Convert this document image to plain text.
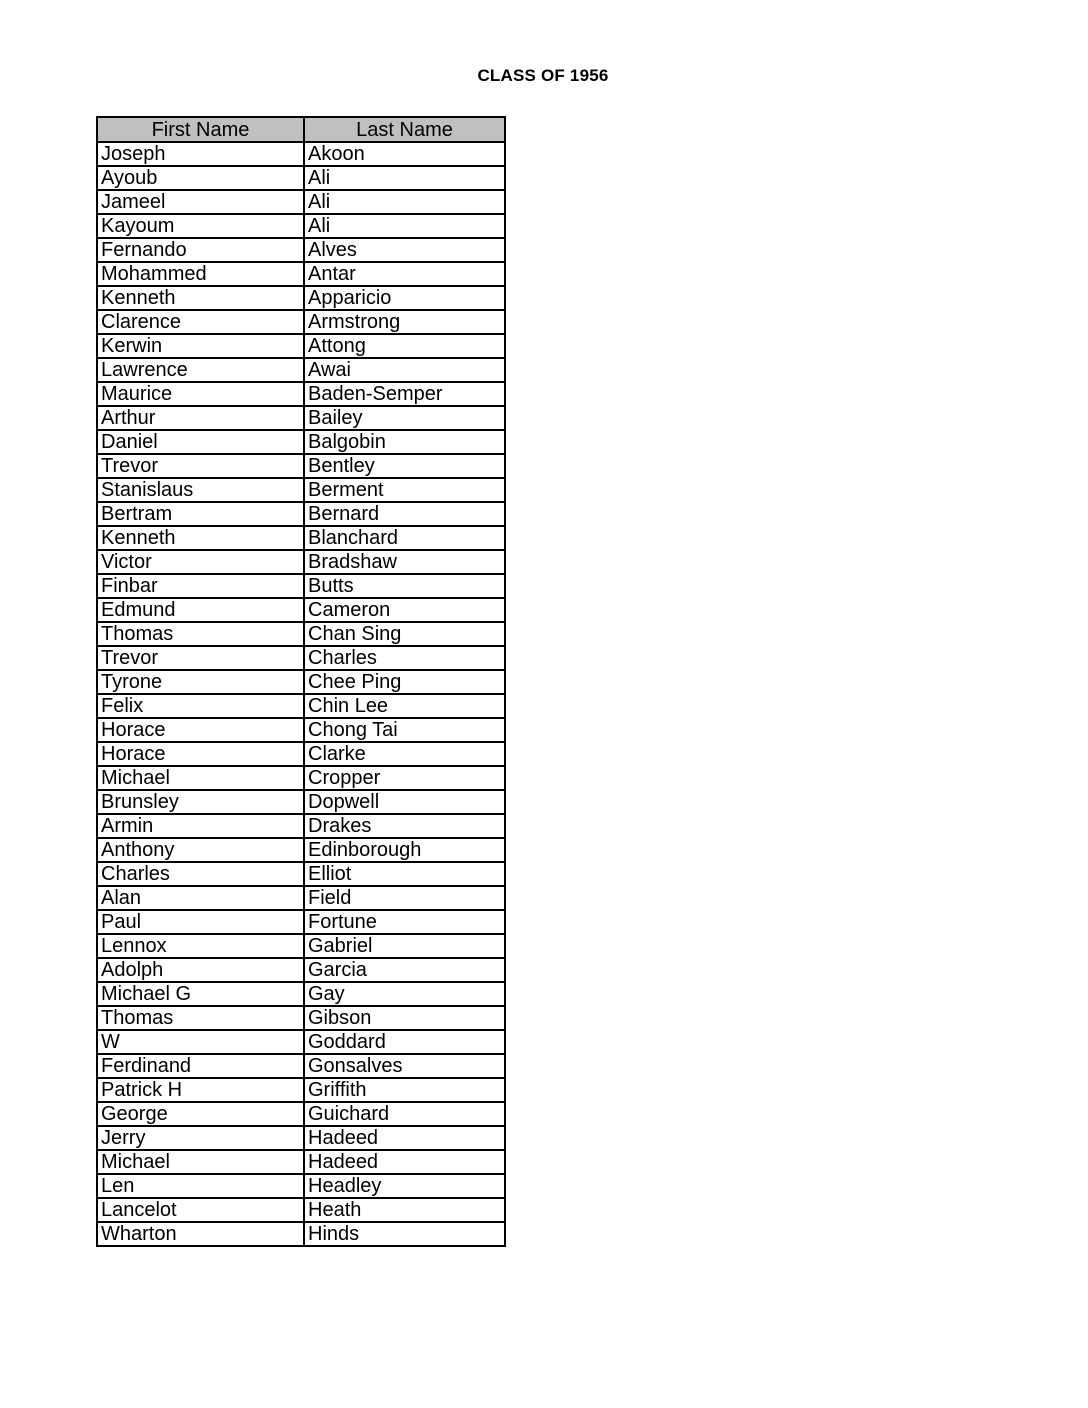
CLASS OF 1956
First Name	Last Name
Joseph	Akoon
Ayoub	Ali
Jameel	Ali
Kayoum	Ali
Fernando	Alves
Mohammed	Antar
Kenneth	Apparicio
Clarence	Armstrong
Kerwin	Attong
Lawrence	Awai
Maurice	Baden-Semper
Arthur	Bailey
Daniel	Balgobin
Trevor	Bentley
Stanislaus	Berment
Bertram	Bernard
Kenneth	Blanchard
Victor	Bradshaw
Finbar	Butts
Edmund	Cameron
Thomas	Chan Sing
Trevor	Charles
Tyrone	Chee Ping
Felix	Chin Lee
Horace	Chong Tai
Horace	Clarke
Michael	Cropper
Brunsley	Dopwell
Armin	Drakes
Anthony	Edinborough
Charles	Elliot
Alan	Field
Paul	Fortune
Lennox	Gabriel
Adolph	Garcia
Michael G	Gay
Thomas	Gibson
W	Goddard
Ferdinand	Gonsalves
Patrick H	Griffith
George	Guichard
Jerry	Hadeed
Michael	Hadeed
Len	Headley
Lancelot	Heath
Wharton	Hinds
